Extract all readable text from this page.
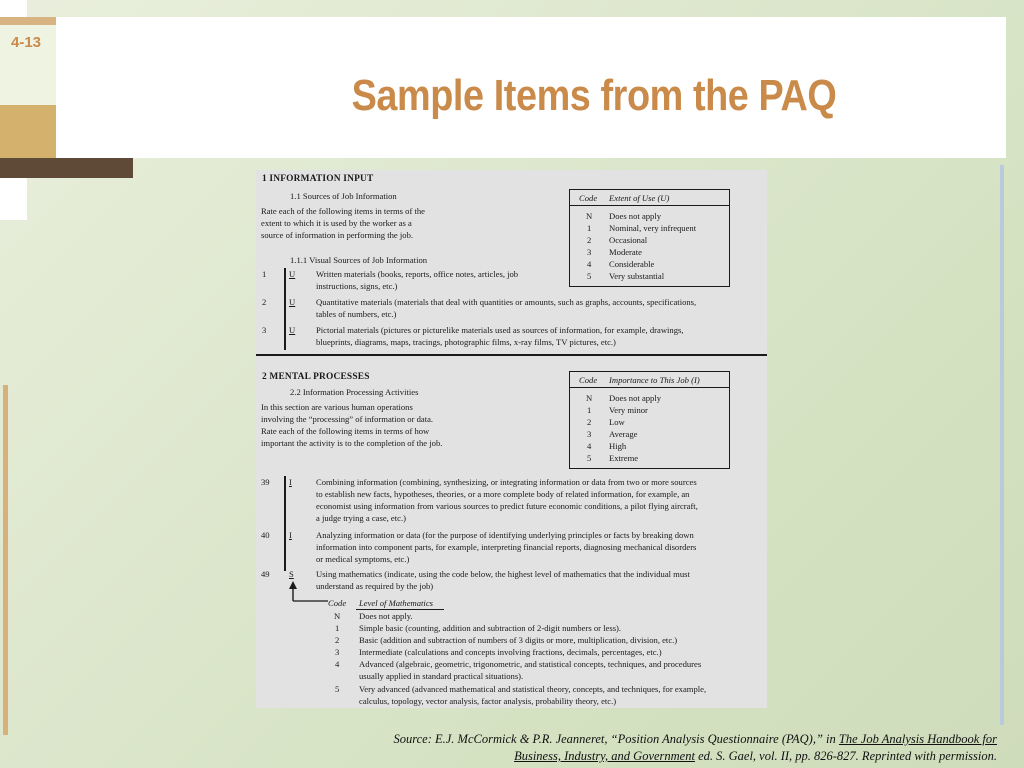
4-13
Sample Items from the PAQ
1 INFORMATION INPUT
1.1 Sources of Job Information
Rate each of the following items in terms of the
extent to which it is used by the worker as a
source of information in performing the job.
1.1.1 Visual Sources of Job Information
Code Extent of Use (U)
N Does not apply
1 Nominal, very infrequent
2 Occasional
3 Moderate
4 Considerable
5 Very substantial
1	U Written materials (books, reports, office notes, articles, job
instructions, signs, etc.)
2	U Quantitative materials (materials that deal with quantities or amounts, such as graphs, accounts, specifications,
tables of numbers, etc.)
3	U Pictorial materials (pictures or picturelike materials used as sources of information, for example, drawings,
blueprints, diagrams, maps, tracings, photographic films, x-ray films, TV pictures, etc.)
2 MENTAL PROCESSES
2.2 Information Processing Activities
In this section are various human operations
involving the “processing” of information or data.
Rate each of the following items in terms of how
important the activity is to the completion of the job.
Code Importance to This Job (I)
N Does not apply
1 Very minor
2 Low
3 Average
4 High
5 Extreme
39 I	Combining information (combining, synthesizing, or integrating information or data from two or more sources
to establish new facts, hypotheses, theories, or a more complete body of related information, for example, an
economist using information from various sources to predict future economic conditions, a pilot flying aircraft,
a judge trying a case, etc.)
40 I	Analyzing information or data (for the purpose of identifying underlying principles or facts by breaking down
information into component parts, for example, interpreting financial reports, diagnosing mechanical disorders
or medical symptoms, etc.)
49 S	Using mathematics (indicate, using the code below, the highest level of mathematics that the individual must
understand as required by the job)
Code Level of Mathematics
N Does not apply.
1 Simple basic (counting, addition and subtraction of 2-digit numbers or less).
2 Basic (addition and subtraction of numbers of 3 digits or more, multiplication, division, etc.)
3 Intermediate (calculations and concepts involving fractions, decimals, percentages, etc.)
4 Advanced (algebraic, geometric, trigonometric, and statistical concepts, techniques, and procedures
usually applied in standard practical situations).
5 Very advanced (advanced mathematical and statistical theory, concepts, and techniques, for example,
calculus, topology, vector analysis, factor analysis, probability theory, etc.)
Source: E.J. McCormick & P.R. Jeanneret, “Position Analysis Questionnaire (PAQ),” in The Job Analysis Handbook for
Business, Industry, and Government ed. S. Gael, vol. II, pp. 826-827. Reprinted with permission.
